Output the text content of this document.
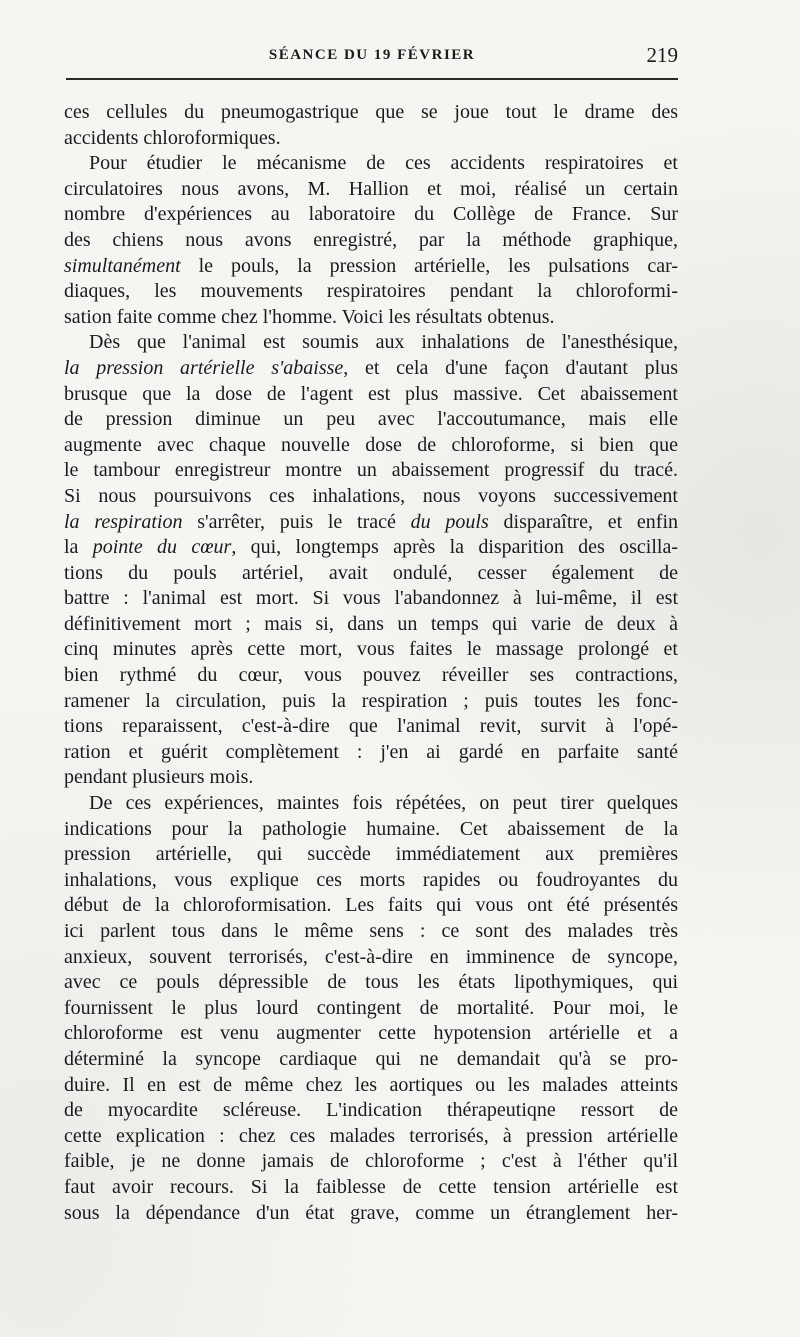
SÉANCE DU 19 FÉVRIER	219
ces cellules du pneumogastrique que se joue tout le drame des
accidents chloroformiques.
Pour étudier le mécanisme de ces accidents respiratoires et
circulatoires nous avons, M. Hallion et moi, réalisé un certain
nombre d'expériences au laboratoire du Collège de France. Sur
des chiens nous avons enregistré, par la méthode graphique,
simultanément le pouls, la pression artérielle, les pulsations car-
diaques, les mouvements respiratoires pendant la chloroformi-
sation faite comme chez l'homme. Voici les résultats obtenus.
Dès que l'animal est soumis aux inhalations de l'anesthésique,
la pression artérielle s'abaisse, et cela d'une façon d'autant plus
brusque que la dose de l'agent est plus massive. Cet abaissement
de pression diminue un peu avec l'accoutumance, mais elle
augmente avec chaque nouvelle dose de chloroforme, si bien que
le tambour enregistreur montre un abaissement progressif du tracé.
Si nous poursuivons ces inhalations, nous voyons successivement
la respiration s'arrêter, puis le tracé du pouls disparaître, et enfin
la pointe du cœur, qui, longtemps après la disparition des oscilla-
tions du pouls artériel, avait ondulé, cesser également de
battre : l'animal est mort. Si vous l'abandonnez à lui-même, il est
définitivement mort ; mais si, dans un temps qui varie de deux à
cinq minutes après cette mort, vous faites le massage prolongé et
bien rythmé du cœur, vous pouvez réveiller ses contractions,
ramener la circulation, puis la respiration ; puis toutes les fonc-
tions reparaissent, c'est-à-dire que l'animal revit, survit à l'opé-
ration et guérit complètement : j'en ai gardé en parfaite santé
pendant plusieurs mois.
De ces expériences, maintes fois répétées, on peut tirer quelques
indications pour la pathologie humaine. Cet abaissement de la
pression artérielle, qui succède immédiatement aux premières
inhalations, vous explique ces morts rapides ou foudroyantes du
début de la chloroformisation. Les faits qui vous ont été présentés
ici parlent tous dans le même sens : ce sont des malades très
anxieux, souvent terrorisés, c'est-à-dire en imminence de syncope,
avec ce pouls dépressible de tous les états lipothymiques, qui
fournissent le plus lourd contingent de mortalité. Pour moi, le
chloroforme est venu augmenter cette hypotension artérielle et a
déterminé la syncope cardiaque qui ne demandait qu'à se pro-
duire. Il en est de même chez les aortiques ou les malades atteints
de myocardite scléreuse. L'indication thérapeutiqne ressort de
cette explication : chez ces malades terrorisés, à pression artérielle
faible, je ne donne jamais de chloroforme ; c'est à l'éther qu'il
faut avoir recours. Si la faiblesse de cette tension artérielle est
sous la dépendance d'un état grave, comme un étranglement her-
